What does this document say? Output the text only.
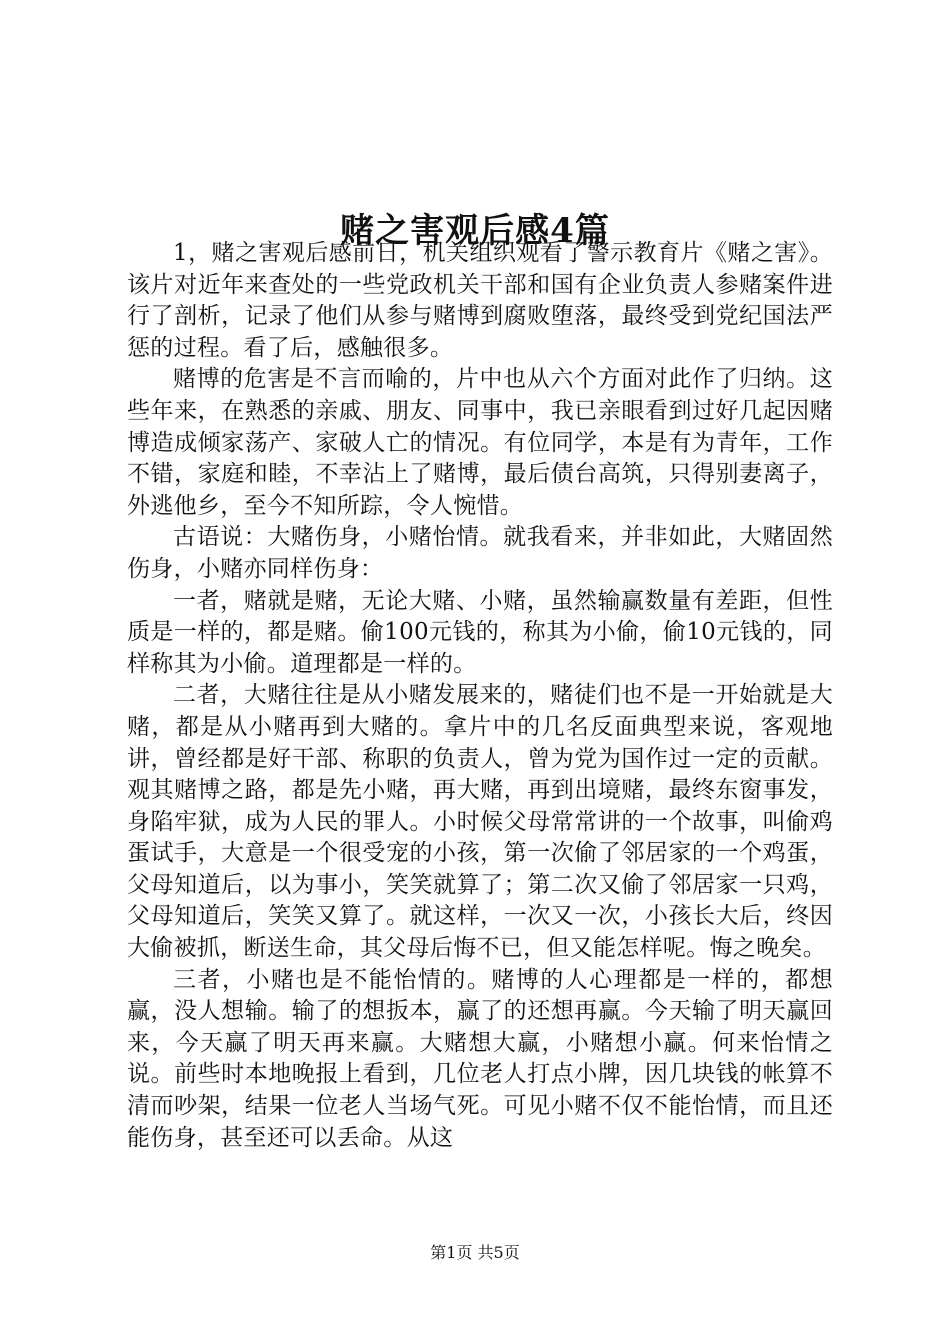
赌之害观后感4篇

1，赌之害观后感前日，机关组织观看了警示教育片《赌之害》。该片对近年来查处的一些党政机关干部和国有企业负责人参赌案件进行了剖析，记录了他们从参与赌博到腐败堕落，最终受到党纪国法严惩的过程。看了后，感触很多。

赌博的危害是不言而喻的，片中也从六个方面对此作了归纳。这些年来，在熟悉的亲戚、朋友、同事中，我已亲眼看到过好几起因赌博造成倾家荡产、家破人亡的情况。有位同学，本是有为青年，工作不错，家庭和睦，不幸沾上了赌博，最后债台高筑，只得别妻离子，外逃他乡，至今不知所踪，令人惋惜。

古语说：大赌伤身，小赌怡情。就我看来，并非如此，大赌固然伤身，小赌亦同样伤身：

一者，赌就是赌，无论大赌、小赌，虽然输赢数量有差距，但性质是一样的，都是赌。偷100元钱的，称其为小偷，偷10元钱的，同样称其为小偷。道理都是一样的。

二者，大赌往往是从小赌发展来的，赌徒们也不是一开始就是大赌，都是从小赌再到大赌的。拿片中的几名反面典型来说，客观地讲，曾经都是好干部、称职的负责人，曾为党为国作过一定的贡献。观其赌博之路，都是先小赌，再大赌，再到出境赌，最终东窗事发，身陷牢狱，成为人民的罪人。小时候父母常常讲的一个故事，叫偷鸡蛋试手，大意是一个很受宠的小孩，第一次偷了邻居家的一个鸡蛋，父母知道后，以为事小，笑笑就算了；第二次又偷了邻居家一只鸡，父母知道后，笑笑又算了。就这样，一次又一次，小孩长大后，终因大偷被抓，断送生命，其父母后悔不已，但又能怎样呢。悔之晚矣。

三者，小赌也是不能怡情的。赌博的人心理都是一样的，都想赢，没人想输。输了的想扳本，赢了的还想再赢。今天输了明天赢回来，今天赢了明天再来赢。大赌想大赢，小赌想小赢。何来怡情之说。前些时本地晚报上看到，几位老人打点小牌，因几块钱的帐算不清而吵架，结果一位老人当场气死。可见小赌不仅不能怡情，而且还能伤身，甚至还可以丢命。从这

第1页 共5页
